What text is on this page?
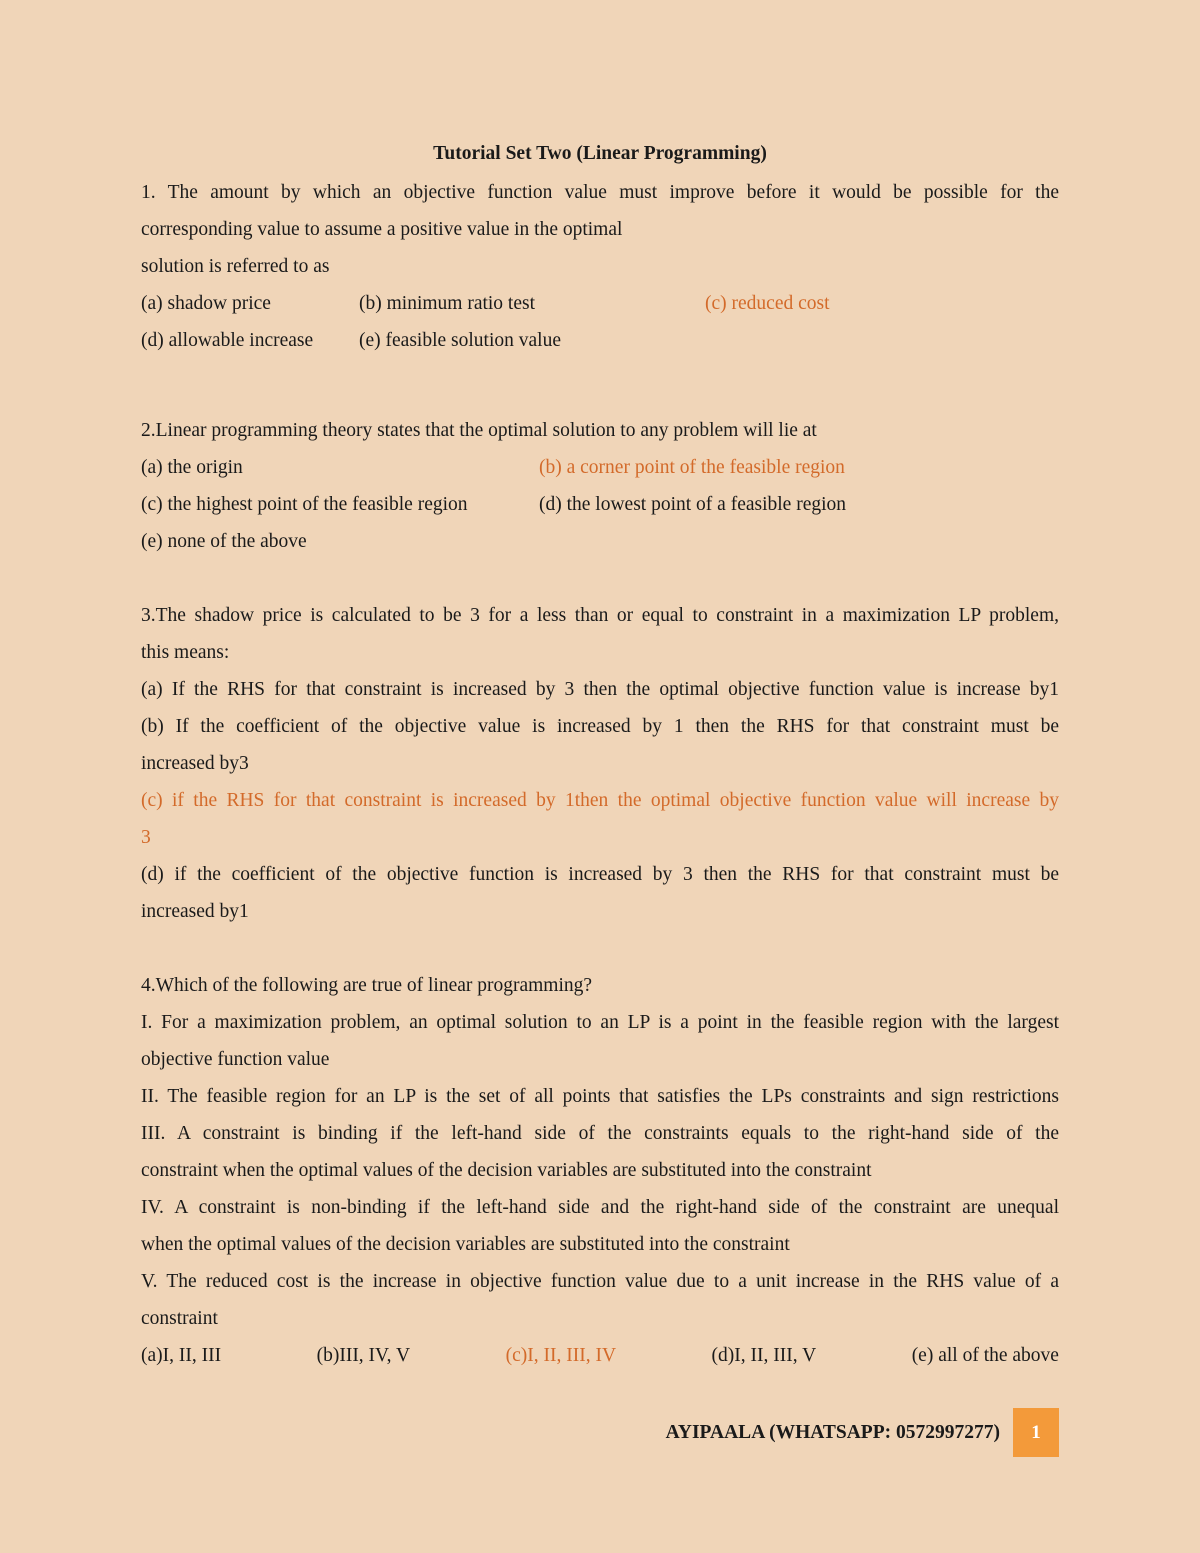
Tutorial Set Two (Linear Programming)
1. The amount by which an objective function value must improve before it would be possible for the
corresponding value to assume a positive value in the optimal
solution is referred to as
(a) shadow price	(b) minimum ratio test	(c) reduced cost
(d) allowable increase	(e) feasible solution value
2.Linear programming theory states that the optimal solution to any problem will lie at
(a) the origin	(b) a corner point of the feasible region
(c) the highest point of the feasible region	(d) the lowest point of a feasible region
(e) none of the above
3.The shadow price is calculated to be 3 for a less than or equal to constraint in a maximization LP problem,
this means:
(a) If the RHS for that constraint is increased by 3 then the optimal objective function value is increase by1
(b) If the coefficient of the objective value is increased by 1 then the RHS for that constraint must be
increased by3
(c) if the RHS for that constraint is increased by 1then the optimal objective function value will increase by
3
(d) if the coefficient of the objective function is increased by 3 then the RHS for that constraint must be
increased by1
4.Which of the following are true of linear programming?
I. For a maximization problem, an optimal solution to an LP is a point in the feasible region with the largest
objective function value
II. The feasible region for an LP is the set of all points that satisfies the LPs constraints and sign restrictions
III. A constraint is binding if the left-hand side of the constraints equals to the right-hand side of the
constraint when the optimal values of the decision variables are substituted into the constraint
IV. A constraint is non-binding if the left-hand side and the right-hand side of the constraint are unequal
when the optimal values of the decision variables are substituted into the constraint
V. The reduced cost is the increase in objective function value due to a unit increase in the RHS value of a
constraint
(a)I, II, III	(b)III, IV, V	(c)I, II, III, IV	(d)I, II, III, V	(e) all of the above
AYIPAALA (WHATSAPP: 0572997277)	1
